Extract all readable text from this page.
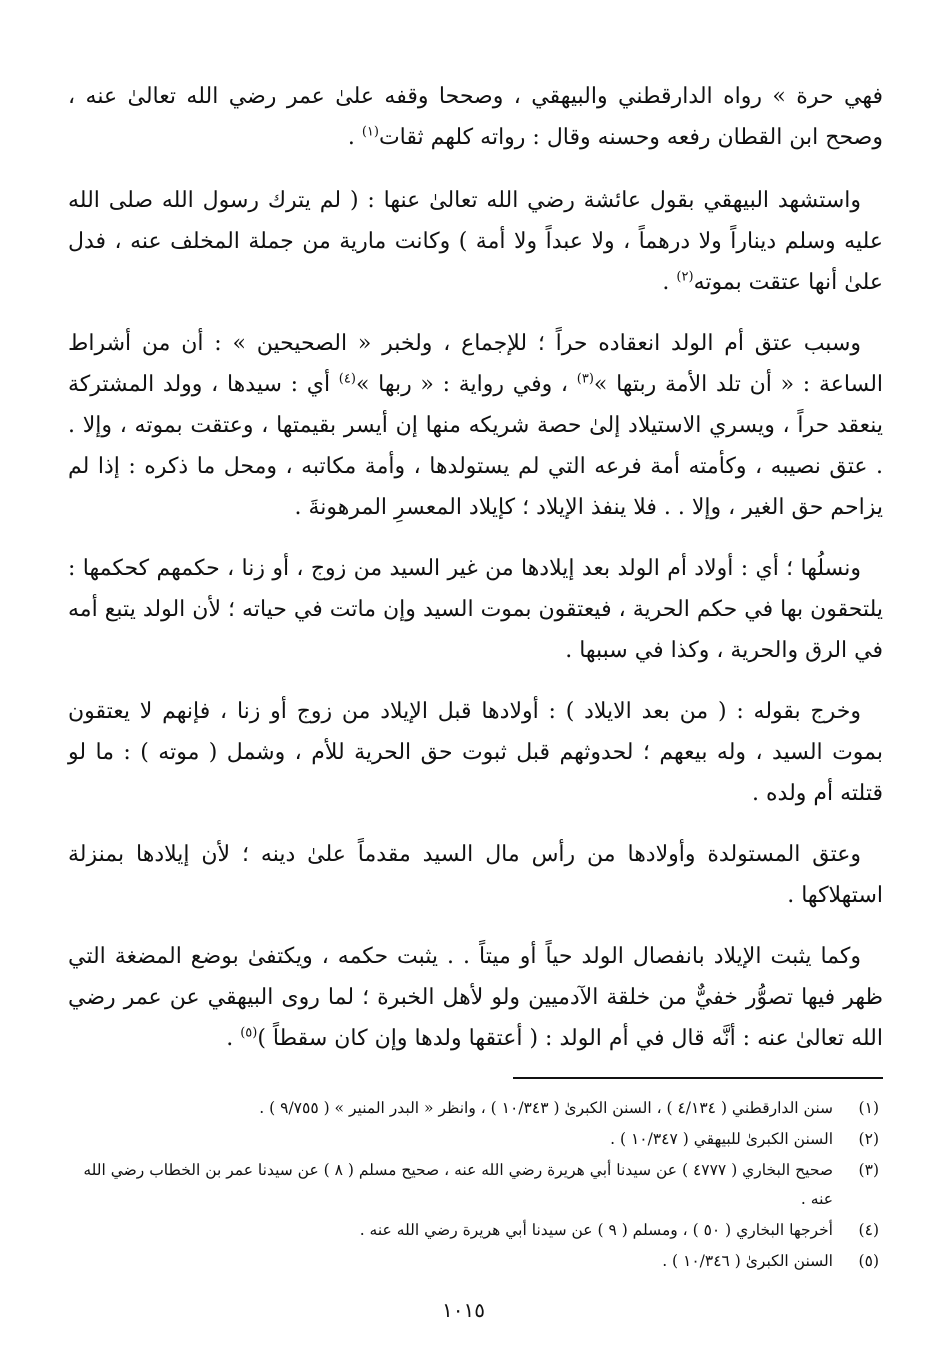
فهي حرة » رواه الدارقطني والبيهقي ، وصححا وقفه علىٰ عمر رضي الله تعالىٰ عنه ، وصحح ابن القطان رفعه وحسنه وقال : رواته كلهم ثقات$^{(١)}$ .

واستشهد البيهقي بقول عائشة رضي الله تعالىٰ عنها : ( لم يترك رسول الله صلى الله عليه وسلم ديناراً ولا درهماً ، ولا عبداً ولا أمة ) وكانت مارية من جملة المخلف عنه ، فدل علىٰ أنها عتقت بموته$^{(٢)}$ .

وسبب عتق أم الولد انعقاده حراً ؛ للإجماع ، ولخبر « الصحيحين » : أن من أشراط الساعة : « أن تلد الأمة ربتها »$^{(٣)}$ ، وفي رواية : « ربها »$^{(٤)}$ أي : سيدها ، وولد المشتركة ينعقد حراً ، ويسري الاستيلاد إلىٰ حصة شريكه منها إن أيسر بقيمتها ، وعتقت بموته ، وإلا . . عتق نصيبه ، وكأمته أمة فرعه التي لم يستولدها ، وأمة مكاتبه ، ومحل ما ذكره : إذا لم يزاحم حق الغير ، وإلا . . فلا ينفذ الإيلاد ؛ كإيلاد المعسرِ المرهونةَ .

ونسلُها ؛ أي : أولاد أم الولد بعد إيلادها من غير السيد من زوج ، أو زنا ، حكمهم كحكمها : يلتحقون بها في حكم الحرية ، فيعتقون بموت السيد وإن ماتت في حياته ؛ لأن الولد يتبع أمه في الرق والحرية ، وكذا في سببها .

وخرج بقوله : ( من بعد الايلاد ) : أولادها قبل الإيلاد من زوج أو زنا ، فإنهم لا يعتقون بموت السيد ، وله بيعهم ؛ لحدوثهم قبل ثبوت حق الحرية للأم ، وشمل ( موته ) : ما لو قتلته أم ولده .

وعتق المستولدة وأولادها من رأس مال السيد مقدماً علىٰ دينه ؛ لأن إيلادها بمنزلة استهلاكها .

وكما يثبت الإيلاد بانفصال الولد حياً أو ميتاً . . يثبت حكمه ، ويكتفىٰ بوضع المضغة التي ظهر فيها تصوُّر خفيٌّ من خلقة الآدميين ولو لأهل الخبرة ؛ لما روى البيهقي عن عمر رضي الله تعالىٰ عنه : أنَّه قال في أم الولد : ( أعتقها ولدها وإن كان سقطاً )$^{(٥)}$ .

(١)
سنن الدارقطني ( ٤/١٣٤ ) ، السنن الكبرىٰ ( ١٠/٣٤٣ ) ، وانظر « البدر المنير » ( ٩/٧٥٥ ) .
(٢)
السنن الكبرىٰ للبيهقي ( ١٠/٣٤٧ ) .
(٣)
صحيح البخاري ( ٤٧٧٧ ) عن سيدنا أبي هريرة رضي الله عنه ، صحيح مسلم ( ٨ ) عن سيدنا عمر بن الخطاب رضي الله عنه .
(٤)
أخرجها البخاري ( ٥٠ ) ، ومسلم ( ٩ ) عن سيدنا أبي هريرة رضي الله عنه .
(٥)
السنن الكبرىٰ ( ١٠/٣٤٦ ) .
١٠١٥
